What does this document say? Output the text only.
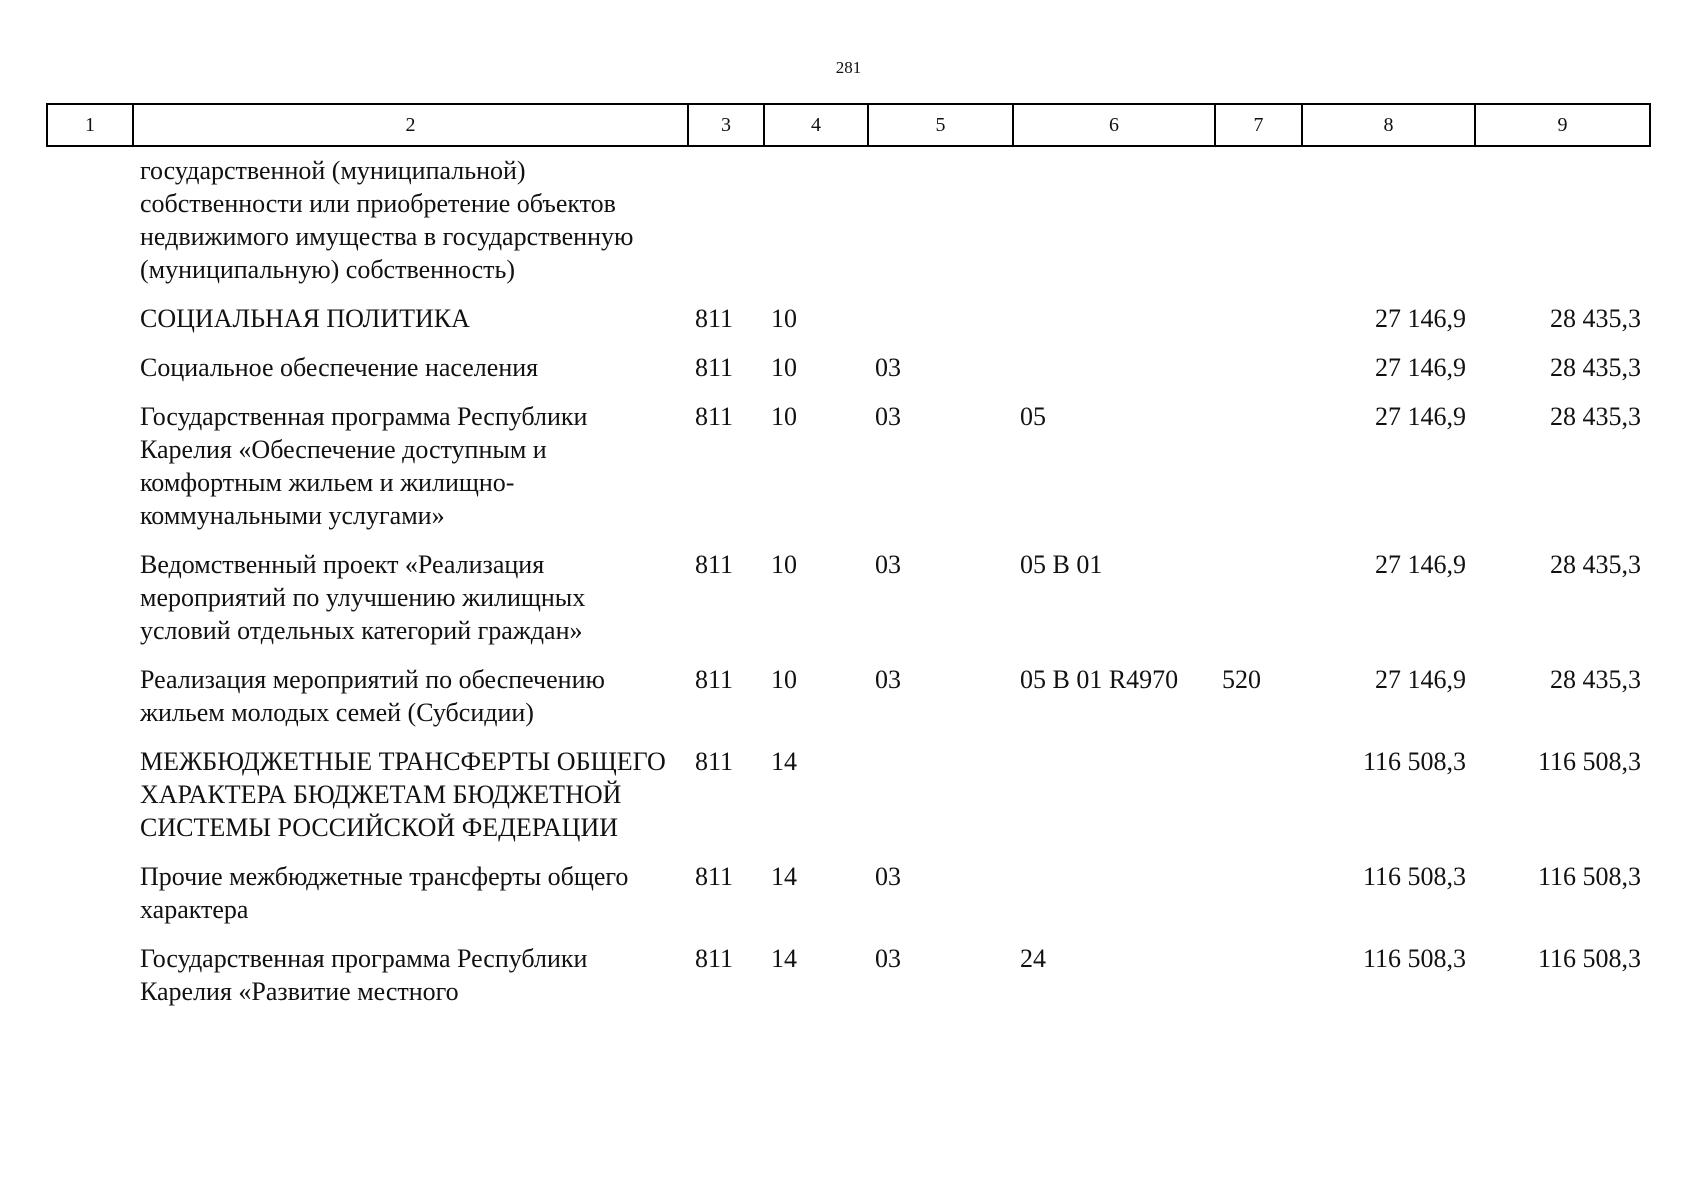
281
1	2	3	4	5	6	7	8	9
	государственной (муниципальной) собственности или приобретение объектов недвижимого имущества в государственную (муниципальную) собственность)							
	СОЦИАЛЬНАЯ ПОЛИТИКА	811	10				27 146,9	28 435,3
	Социальное обеспечение населения	811	10	03			27 146,9	28 435,3
	Государственная программа Республики Карелия «Обеспечение доступным и комфортным жильем и жилищно-коммунальными услугами»	811	10	03	05		27 146,9	28 435,3
	Ведомственный проект «Реализация мероприятий по улучшению жилищных условий отдельных категорий граждан»	811	10	03	05 В 01		27 146,9	28 435,3
	Реализация мероприятий по обеспечению жильем молодых семей (Субсидии)	811	10	03	05 В 01 R4970	520	27 146,9	28 435,3
	МЕЖБЮДЖЕТНЫЕ ТРАНСФЕРТЫ ОБЩЕГО ХАРАКТЕРА БЮДЖЕТАМ БЮДЖЕТНОЙ СИСТЕМЫ РОССИЙСКОЙ ФЕДЕРАЦИИ	811	14				116 508,3	116 508,3
	Прочие межбюджетные трансферты общего характера	811	14	03			116 508,3	116 508,3
	Государственная программа Республики Карелия «Развитие местного	811	14	03	24		116 508,3	116 508,3
